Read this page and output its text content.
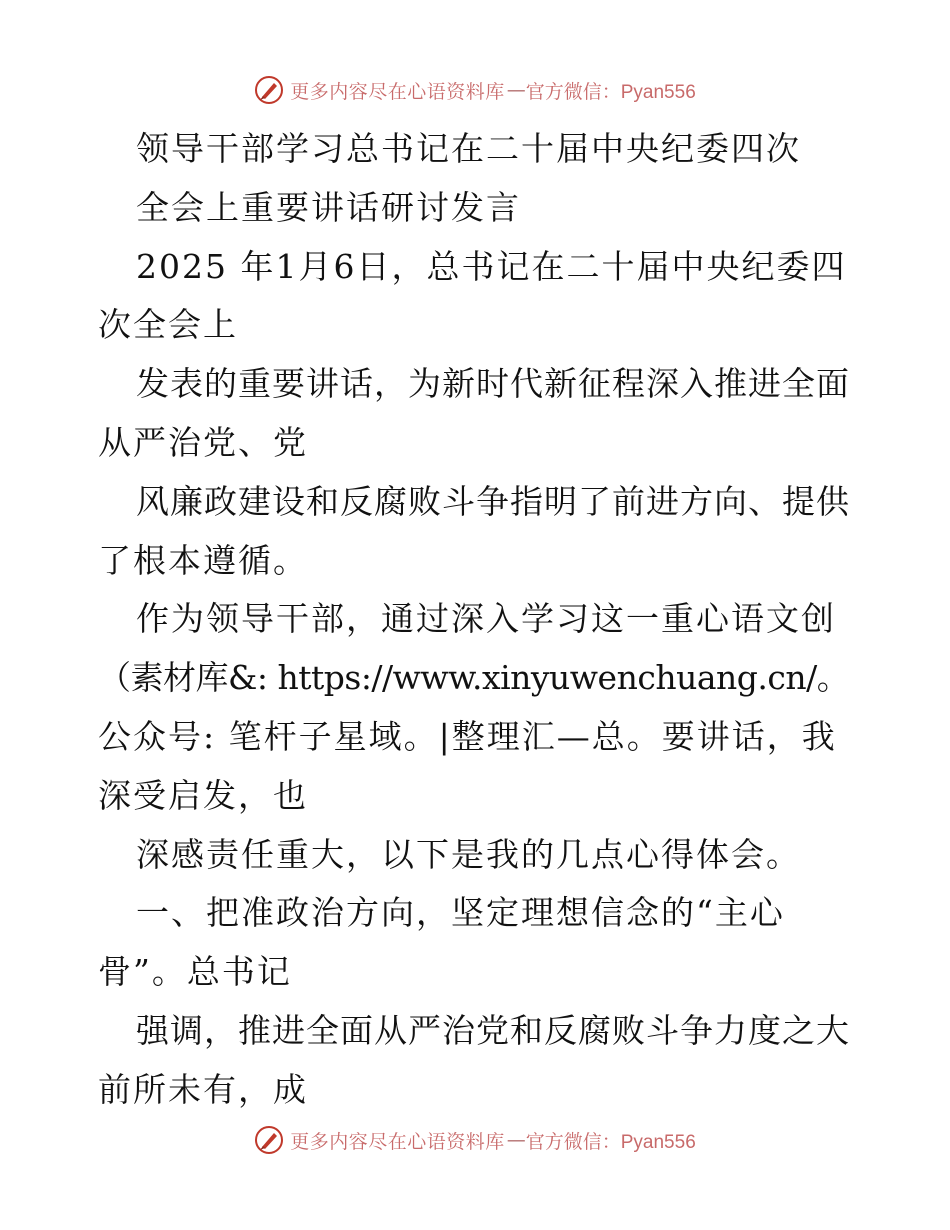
更多内容尽在心语资料库 — 官方微信：Pyan556
领导干部学习总书记在二十届中央纪委四次
全会上重要讲话研讨发言
2025 年1月6日，总书记在二十届中央纪委四
次全会上
发表的重要讲话，为新时代新征程深入推进全面
从严治党、党
风廉政建设和反腐败斗争指明了前进方向、提供
了根本遵循。
作为领导干部，通过深入学习这一重心语文创
（素材库&: https://www.xinyuwenchuang.cn/。
公众号: 笔杆子星域。|整理汇—总。要讲话，我
深受启发，也
深感责任重大，以下是我的几点心得体会。
一、把准政治方向，坚定理想信念的“主心
骨”。总书记
强调，推进全面从严治党和反腐败斗争力度之大
前所未有，成
更多内容尽在心语资料库 — 官方微信：Pyan556
